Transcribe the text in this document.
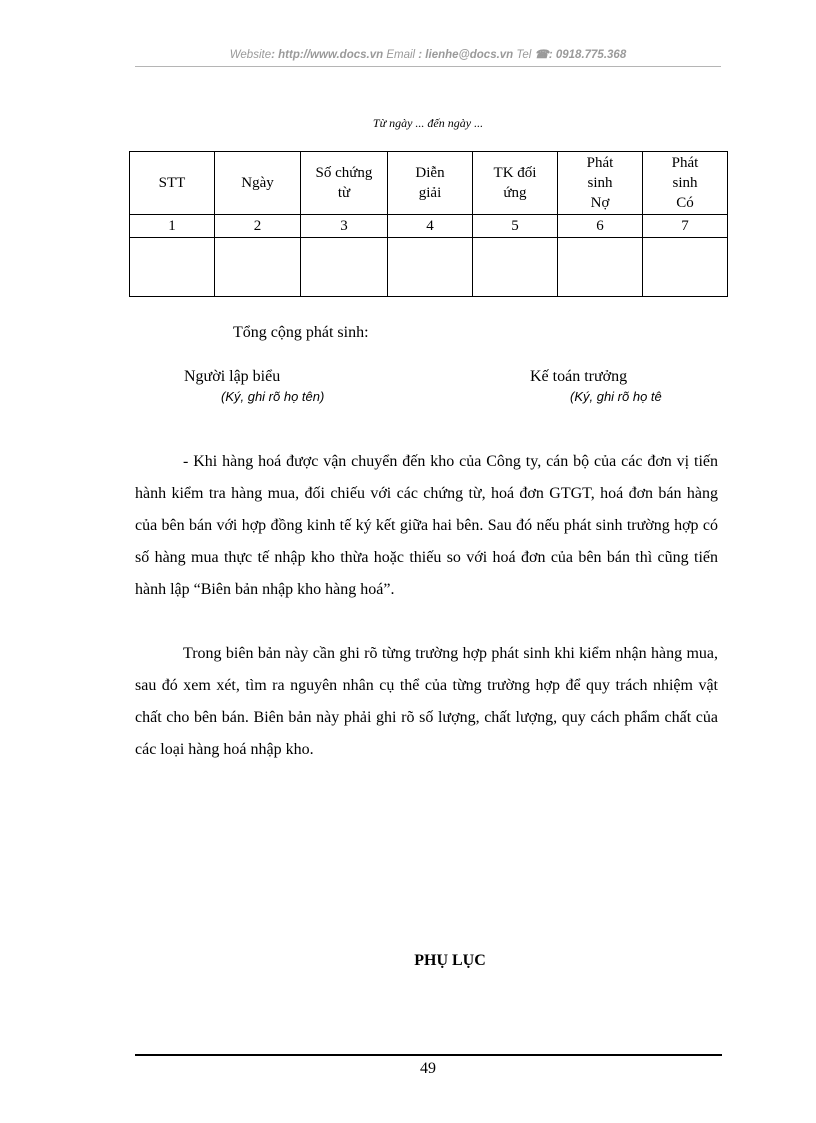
Website: http://www.docs.vn Email : lienhe@docs.vn Tel ☎: 0918.775.368
Từ ngày ... đến ngày ...
STT	Ngày	Số chứng từ	Diễn giải	TK đối ứng	Phát sinh Nợ	Phát sinh Có

1	2	3	4	5	6	7

Tổng cộng phát sinh:
Người lập biểu
(Ký, ghi rõ họ tên)
Kế toán trưởng
(Ký, ghi rõ họ tê

- Khi hàng hoá được vận chuyển đến kho của Công ty, cán bộ của các đơn vị tiến hành kiểm tra hàng mua, đối chiếu với các chứng từ, hoá đơn GTGT, hoá đơn bán hàng của bên bán với hợp đồng kinh tế ký kết giữa hai bên. Sau đó nếu phát sinh trường hợp có số hàng mua thực tế nhập kho thừa hoặc thiếu so với hoá đơn của bên bán thì cũng tiến hành lập “Biên bản nhập kho hàng hoá”.

Trong biên bản này cần ghi rõ từng trường hợp phát sinh khi kiểm nhận hàng mua, sau đó xem xét, tìm ra nguyên nhân cụ thể của từng trường hợp để quy trách nhiệm vật chất cho bên bán. Biên bản này phải ghi rõ số lượng, chất lượng, quy cách phẩm chất của các loại hàng hoá nhập kho.

PHỤ LỤC
49
